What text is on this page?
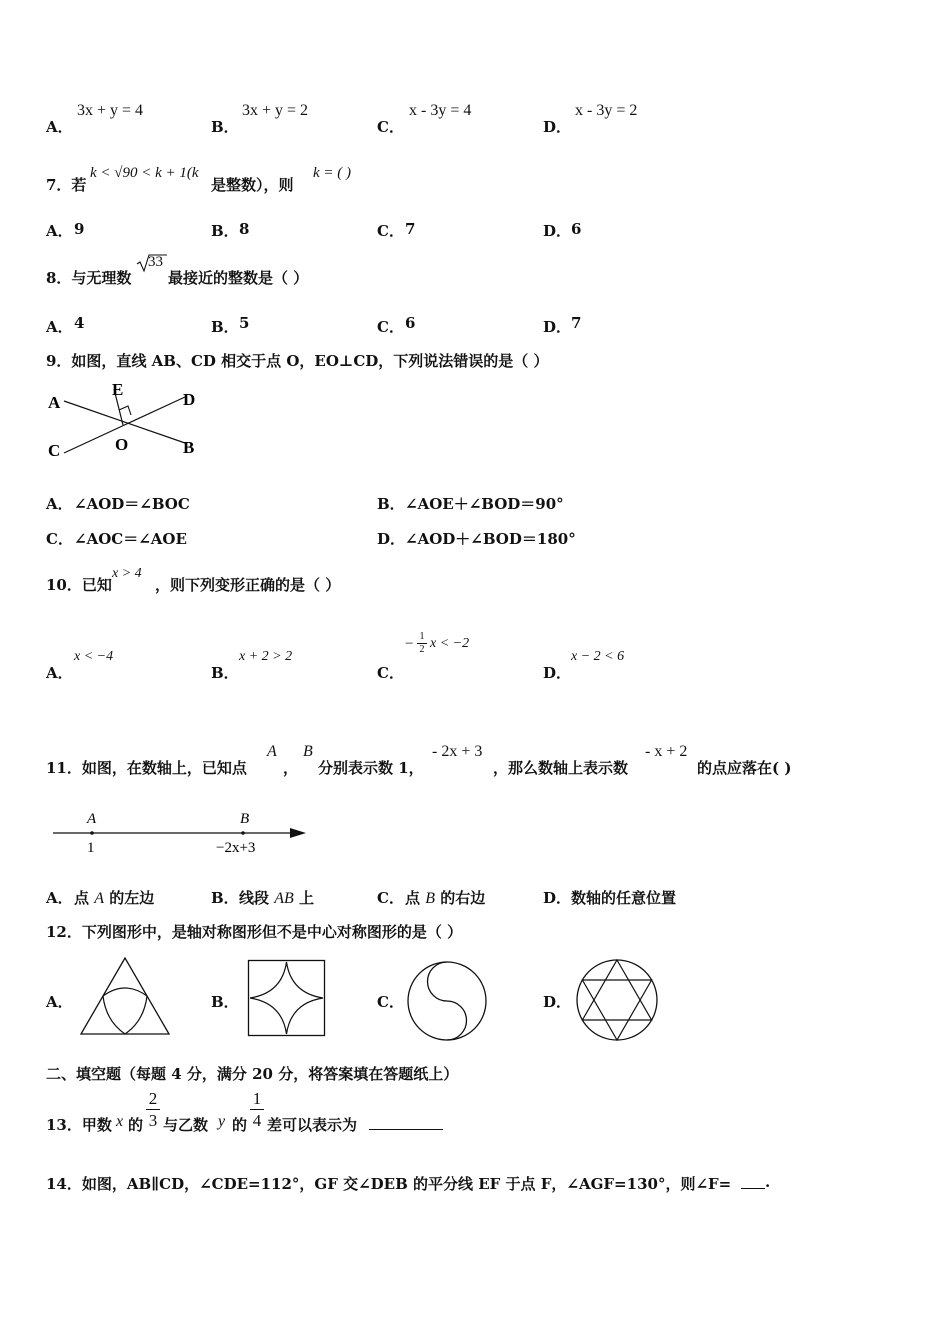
A．
3x + y = 4
B．
3x + y = 2
C．
x - 3y = 4
D．
x - 3y = 2
7．若
k < √90 < k + 1(k
是整数），则
k = ( )
A． 9	B． 8	C． 7	D． 6
8．与无理数
33
最接近的整数是（ ）
A． 4	B． 5	C． 6	D． 7
9．如图，直线 AB、CD 相交于点 O，EO⊥CD，下列说法错误的是（ ）
A
C
D
B
E
O
A． ∠AOD＝∠BOC	B． ∠AOE＋∠BOD＝90°
C． ∠AOC＝∠AOE	D． ∠AOD＋∠BOD＝180°
10．已知
x > 4
，则下列变形正确的是（ ）
A．
x < −4
B．
x + 2 > 2
C．
− 1
2 x < −2
D．
x − 2 < 6
11．如图，在数轴上，已知点
A
，
B
分别表示数 1，
- 2x + 3
，那么数轴上表示数
- x + 2
的点应落在( )
A	B
1	−2x+3
A． 点 A 的左边	B． 线段 AB 上	C． 点 B 的右边	D． 数轴的任意位置
12．下列图形中，是轴对称图形但不是中心对称图形的是（ ）
A．	B．	C．	D．
二、填空题（每题 4 分，满分 20 分，将答案填在答题纸上）
13．甲数 x 的
2
3 与乙数 y 的
1
4 差可以表示为
14．如图，AB∥CD，∠CDE=112°，GF 交∠DEB 的平分线 EF 于点 F，∠AGF=130°，则∠F= .
